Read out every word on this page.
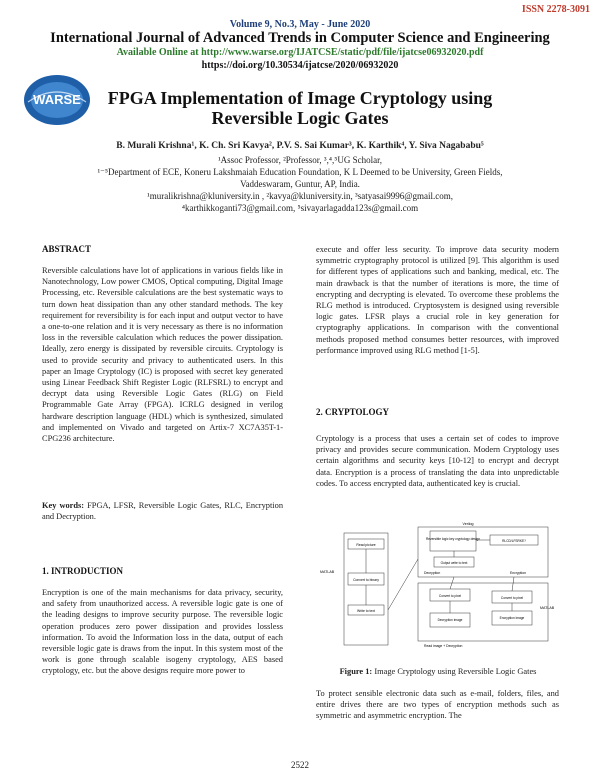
ISSN 2278-3091
Volume 9, No.3, May - June 2020
International Journal of Advanced Trends in Computer Science and Engineering
Available Online at http://www.warse.org/IJATCSE/static/pdf/file/ijatcse06932020.pdf
https://doi.org/10.30534/ijatcse/2020/06932020
WARSE	FPGA Implementation of Image Cryptology using
Reversible Logic Gates
B. Murali Krishna¹, K. Ch. Sri Kavya², P.V. S. Sai Kumar³, K. Karthik⁴, Y. Siva Nagababu⁵
¹Assoc Professor, ²Professor, ³,⁴,⁵UG Scholar,
¹⁻⁵Department of ECE, Koneru Lakshmaiah Education Foundation, K L Deemed to be University, Green Fields,
Vaddeswaram, Guntur, AP, India.
¹muralikrishna@kluniversity.in , ²kavya@kluniversity.in, ³satyasai9996@gmail.com,
⁴karthikkoganti73@gmail.com, ⁵sivayarlagadda123s@gmail.com
ABSTRACT
Reversible calculations have lot of applications in various fields like in Nanotechnology, Low power CMOS, Optical computing, Digital Image Processing, etc. Reversible calculations are the best systematic ways to turn down heat dissipation than any other standard methods. The key requirement for reversibility is for each input and output vector to have a one-to-one relation and it is very necessary as there is no information loss in the reversible calculation which reduces the power dissipation. Ideally, zero energy is dissipated by reversible circuits. Cryptology is used to provide security and privacy to authenticated users. In this paper an Image Cryptology (IC) is proposed with secret key generated using Linear Feedback Shift Register Logic (RLFSRL) to encrypt and decrypt data using Reversible Logic Gates (RLG) on Field Programmable Gate Array (FPGA). ICRLG designed in verilog hardware description language (HDL) which is synthesized, simulated and implemented on Vivado and targeted on Artix-7 XC7A35T-1-CPG236 architecture.
Key words: FPGA, LFSR, Reversible Logic Gates, RLC, Encryption and Decryption.
1. INTRODUCTION
Encryption is one of the main mechanisms for data privacy, security, and safety from unauthorized access. A reversible logic gate is one of the leading designs to improve security purpose. The reversible logic operation produces zero power dissipation and provides lossless information. To avoid the Information loss in the data, output of each reversible logic gate is draws from the input. In this system most of the work is gone through scalable isogeny cryptology, AES based cryptology, etc. but the above designs require more power to
execute and offer less security. To improve data security modern symmetric cryptography protocol is utilized [9]. This algorithm is used for different types of applications such and banking, medical, etc. The main drawback is that the number of iterations is more, the time of encrypting and decrypting is elevated. To overcome these problems the RLG method is introduced. Cryptosystem is designed using reversible logic gates. LFSR plays a crucial role in key generation for cryptography applications. In comparison with the conventional methods proposed method consumes better resources, with improved performance improved using RLG method [1-5].
2. CRYPTOLOGY
Cryptology is a process that uses a certain set of codes to improve privacy and provides secure communication. Modern Cryptology uses certain algorithms and security keys [10-12] to encrypt and decrypt data. Encryption is a process of translating the data into unpredictable codes. To access encrypted data, authenticated key is crucial.
Read picture
Convert to binary
Write to text
MATLAB
Verilog
Reversible logic key cryptology design	RLCD/LFSRKE?
Output write to text
Decryption	Encryption
Convert to pixel	Convert to pixel
Decryption image	Encryption image
Read image + Decryption
MATLAB
Figure 1: Image Cryptology using Reversible Logic Gates
To protect sensible electronic data such as e-mail, folders, files, and entire drives there are two types of encryption methods such as symmetric and asymmetric encryption. The
2522
